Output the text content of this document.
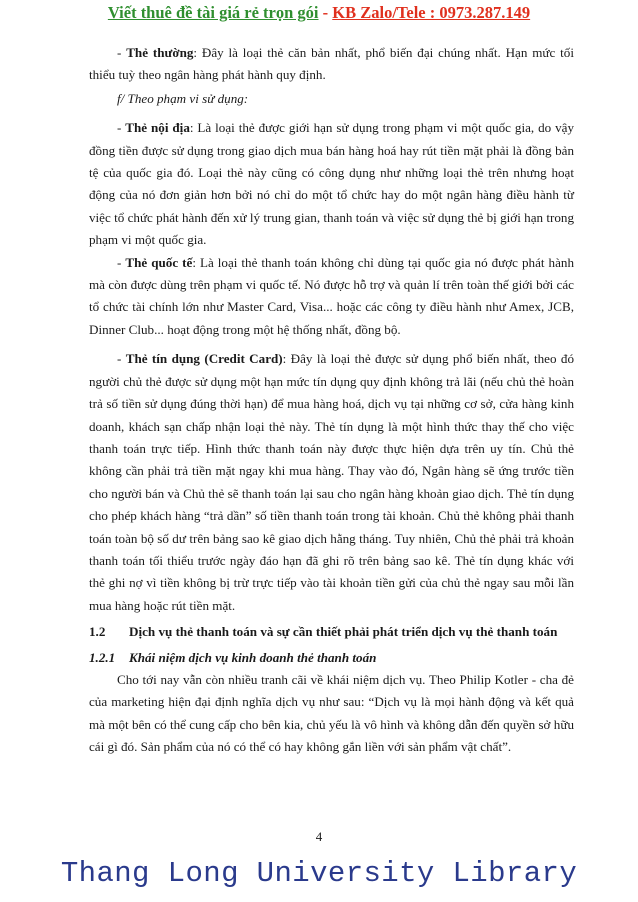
Viết thuê đề tài giá rẻ trọn gói - KB Zalo/Tele : 0973.287.149

- Thẻ thường: Đây là loại thẻ căn bản nhất, phổ biến đại chúng nhất. Hạn mức tối thiểu tuỳ theo ngân hàng phát hành quy định.

f/ Theo phạm vi sử dụng:

- Thẻ nội địa: Là loại thẻ được giới hạn sử dụng trong phạm vi một quốc gia, do vậy đồng tiền được sử dụng trong giao dịch mua bán hàng hoá hay rút tiền mặt phải là đồng bản tệ của quốc gia đó. Loại thẻ này cũng có công dụng như những loại thẻ trên nhưng hoạt động của nó đơn giản hơn bởi nó chỉ do một tổ chức hay do một ngân hàng điều hành từ việc tổ chức phát hành đến xử lý trung gian, thanh toán và việc sử dụng thẻ bị giới hạn trong phạm vi một quốc gia.

- Thẻ quốc tế: Là loại thẻ thanh toán không chỉ dùng tại quốc gia nó được phát hành mà còn được dùng trên phạm vi quốc tế. Nó được hỗ trợ và quản lí trên toàn thế giới bởi các tổ chức tài chính lớn như Master Card, Visa... hoặc các công ty điều hành như Amex, JCB, Dinner Club... hoạt động trong một hệ thống nhất, đồng bộ.

- Thẻ tín dụng (Credit Card): Đây là loại thẻ được sử dụng phổ biến nhất, theo đó người chủ thẻ được sử dụng một hạn mức tín dụng quy định không trả lãi (nếu chủ thẻ hoàn trả số tiền sử dụng đúng thời hạn) để mua hàng hoá, dịch vụ tại những cơ sở, cửa hàng kinh doanh, khách sạn chấp nhận loại thẻ này. Thẻ tín dụng là một hình thức thay thế cho việc thanh toán trực tiếp. Hình thức thanh toán này được thực hiện dựa trên uy tín. Chủ thẻ không cần phải trả tiền mặt ngay khi mua hàng. Thay vào đó, Ngân hàng sẽ ứng trước tiền cho người bán và Chủ thẻ sẽ thanh toán lại sau cho ngân hàng khoản giao dịch. Thẻ tín dụng cho phép khách hàng “trả dần” số tiền thanh toán trong tài khoản. Chủ thẻ không phải thanh toán toàn bộ số dư trên bảng sao kê giao dịch hằng tháng. Tuy nhiên, Chủ thẻ phải trả khoản thanh toán tối thiểu trước ngày đáo hạn đã ghi rõ trên bảng sao kê. Thẻ tín dụng khác với thẻ ghi nợ vì tiền không bị trừ trực tiếp vào tài khoản tiền gửi của chủ thẻ ngay sau mỗi lần mua hàng hoặc rút tiền mặt.

1.2	Dịch vụ thẻ thanh toán và sự cần thiết phải phát triển dịch vụ thẻ thanh toán
1.2.1 Khái niệm dịch vụ kinh doanh thẻ thanh toán

Cho tới nay vẫn còn nhiều tranh cãi về khái niệm dịch vụ. Theo Philip Kotler - cha đẻ của marketing hiện đại định nghĩa dịch vụ như sau: “Dịch vụ là mọi hành động và kết quả mà một bên có thể cung cấp cho bên kia, chủ yếu là vô hình và không dẫn đến quyền sở hữu cái gì đó. Sản phẩm của nó có thể có hay không gắn liền với sản phẩm vật chất”.

4
Thang Long University Library
